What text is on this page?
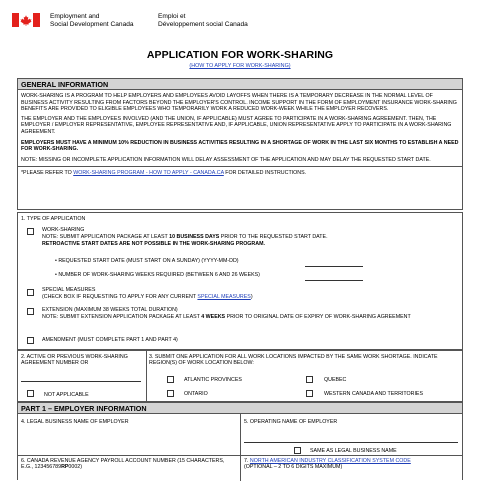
Employment and
Social Development Canada
Emploi et
Développement social Canada
APPLICATION FOR WORK-SHARING
(HOW TO APPLY FOR WORK-SHARING)
GENERAL INFORMATION
WORK-SHARING IS A PROGRAM TO HELP EMPLOYERS AND EMPLOYEES AVOID LAYOFFS WHEN THERE IS A TEMPORARY DECREASE IN THE NORMAL LEVEL OF BUSINESS ACTIVITY RESULTING FROM FACTORS BEYOND THE EMPLOYER'S CONTROL. INCOME SUPPORT IN THE FORM OF EMPLOYMENT INSURANCE WORK-SHARING BENEFITS ARE PROVIDED TO ELIGIBLE EMPLOYEES WHO TEMPORARILY WORK A REDUCED WORK-WEEK WHILE THE EMPLOYER RECOVERS.
THE EMPLOYER AND THE EMPLOYEES INVOLVED (AND THE UNION, IF APPLICABLE) MUST AGREE TO PARTICIPATE IN A WORK-SHARING AGREEMENT. THEN, THE EMPLOYER / EMPLOYER REPRESENTATIVE, EMPLOYEE REPRESENTATIVE AND, IF APPLICABLE, UNION REPRESENTATIVE APPLY TO PARTICIPATE IN A WORK-SHARING AGREEMENT.
EMPLOYERS MUST HAVE A MINIMUM 10% REDUCTION IN BUSINESS ACTIVITIES RESULTING IN A SHORTAGE OF WORK IN THE LAST SIX MONTHS TO ESTABLISH A NEED FOR WORK-SHARING.
NOTE: MISSING OR INCOMPLETE APPLICATION INFORMATION WILL DELAY ASSESSMENT OF THE APPLICATION AND MAY DELAY THE REQUESTED START DATE.
*PLEASE REFER TO WORK-SHARING PROGRAM - HOW TO APPLY - CANADA.CA FOR DETAILED INSTRUCTIONS.
1. TYPE OF APPLICATION
WORK-SHARING
NOTE: SUBMIT APPLICATION PACKAGE AT LEAST 10 BUSINESS DAYS PRIOR TO THE REQUESTED START DATE.
RETROACTIVE START DATES ARE NOT POSSIBLE IN THE WORK-SHARING PROGRAM.
• REQUESTED START DATE (MUST START ON A SUNDAY) (YYYY-MM-DD)
• NUMBER OF WORK-SHARING WEEKS REQUIRED (BETWEEN 6 AND 26 WEEKS)
SPECIAL MEASURES
(CHECK BOX IF REQUESTING TO APPLY FOR ANY CURRENT SPECIAL MEASURES)
EXTENSION (MAXIMUM 38 WEEKS TOTAL DURATION)
NOTE: SUBMIT EXTENSION APPLICATION PACKAGE AT LEAST 4 WEEKS PRIOR TO ORIGINAL DATE OF EXPIRY OF WORK-SHARING AGREEMENT
AMENDMENT (MUST COMPLETE PART 1 AND PART 4)
2. ACTIVE OR PREVIOUS WORK-SHARING AGREEMENT NUMBER OR
NOT APPLICABLE
3. SUBMIT ONE APPLICATION FOR ALL WORK LOCATIONS IMPACTED BY THE SAME WORK SHORTAGE. INDICATE REGION(S) OF WORK LOCATION BELOW:
ATLANTIC PROVINCES	QUEBEC
ONTARIO	WESTERN CANADA AND TERRITORIES
PART 1 – EMPLOYER INFORMATION
4. LEGAL BUSINESS NAME OF EMPLOYER	5. OPERATING NAME OF EMPLOYER
SAME AS LEGAL BUSINESS NAME
6. CANADA REVENUE AGENCY PAYROLL ACCOUNT NUMBER (15 CHARACTERS, E.G., 123456789RP0002)
7. NORTH AMERICAN INDUSTRY CLASSIFICATION SYSTEM CODE
(OPTIONAL – 2 TO 6 DIGITS MAXIMUM)
